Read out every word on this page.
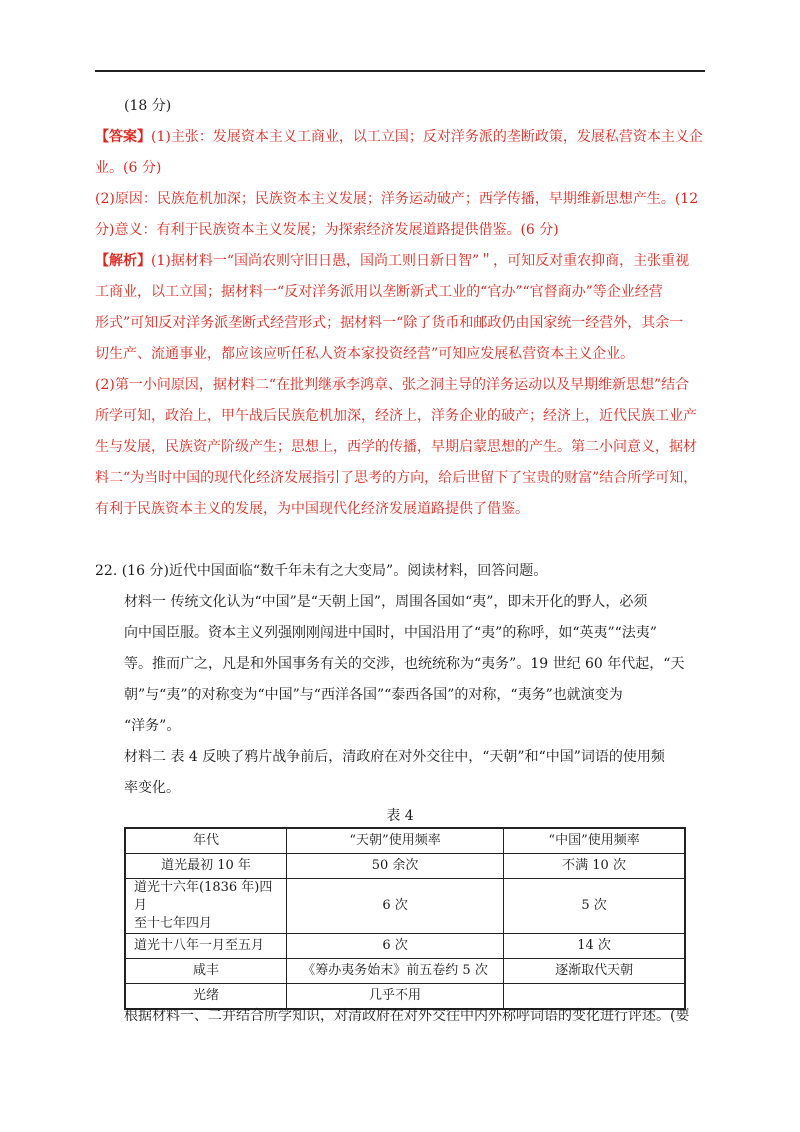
(18 分)
【答案】(1)主张：发展资本主义工商业，以工立国；反对洋务派的垄断政策，发展私营资本主义企
业。(6 分)
(2)原因：民族危机加深；民族资本主义发展；洋务运动破产；西学传播，早期维新思想产生。(12
分)意义：有利于民族资本主义发展；为探索经济发展道路提供借鉴。(6 分)
【解析】(1)据材料一“国尚农则守旧日愚，国尚工则日新日智”＂，可知反对重农抑商，主张重视
工商业，以工立国；据材料一“反对洋务派用以垄断新式工业的“官办”“官督商办”等企业经营
形式”可知反对洋务派垄断式经营形式；据材料一“除了货币和邮政仍由国家统一经营外，其余一
切生产、流通事业，都应该应听任私人资本家投资经营”可知应发展私营资本主义企业。
(2)第一小问原因，据材料二“在批判继承李鸿章、张之洞主导的洋务运动以及早期维新思想”结合
所学可知，政治上，甲午战后民族危机加深，经济上，洋务企业的破产；经济上，近代民族工业产
生与发展，民族资产阶级产生；思想上，西学的传播，早期启蒙思想的产生。第二小问意义，据材
料二“为当时中国的现代化经济发展指引了思考的方向，给后世留下了宝贵的财富”结合所学可知，
有利于民族资本主义的发展，为中国现代化经济发展道路提供了借鉴。
22. (16 分)近代中国面临“数千年未有之大变局”。阅读材料，回答问题。
材料一 传统文化认为“中国”是“天朝上国”，周围各国如“夷”，即未开化的野人，必须
向中国臣服。资本主义列强刚刚闯进中国时，中国沿用了“夷”的称呼，如“英夷”“法夷”
等。推而广之，凡是和外国事务有关的交涉，也统统称为“夷务”。19 世纪 60 年代起，“天
朝”与“夷”的对称变为“中国”与“西洋各国”“泰西各国”的对称，“夷务”也就演变为
“洋务”。
材料二 表 4 反映了鸦片战争前后，清政府在对外交往中，“天朝”和“中国”词语的使用频
率变化。
表 4
年代	“天朝”使用频率	“中国”使用频率
道光最初 10 年	50 余次	不满 10 次

道光十六年(1836 年)四月
至十七年四月	6 次	5 次
道光十八年一月至五月	6 次	14 次
咸丰	《筹办夷务始末》前五卷约 5 次	逐渐取代天朝
光绪	几乎不用	
根据材料一、二并结合所学知识，对清政府在对外交往中内外称呼词语的变化进行评述。(要
